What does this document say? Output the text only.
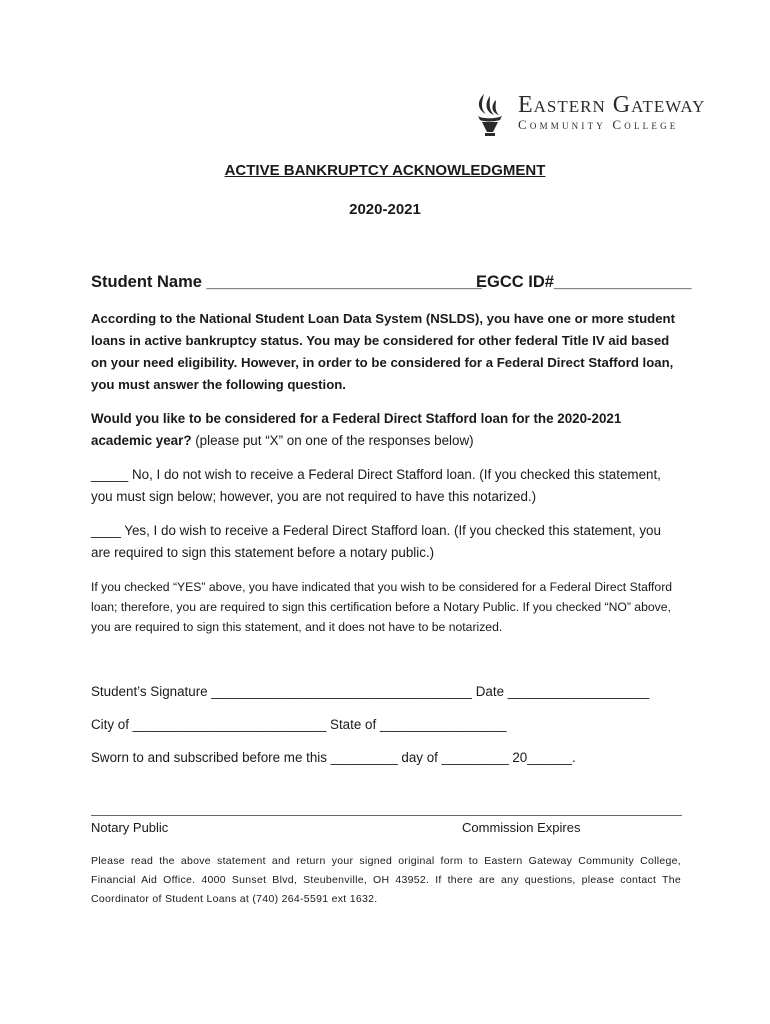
Eastern Gateway
Community College
ACTIVE BANKRUPTCY ACKNOWLEDGMENT
2020-2021
Student Name ______________________________
EGCC ID#_______________

According to the National Student Loan Data System (NSLDS), you have one or more student loans in active bankruptcy status. You may be considered for other federal Title IV aid based on your need eligibility. However, in order to be considered for a Federal Direct Stafford loan, you must answer the following question.

Would you like to be considered for a Federal Direct Stafford loan for the 2020-2021 academic year? (please put “X” on one of the responses below)

_____ No, I do not wish to receive a Federal Direct Stafford loan. (If you checked this statement, you must sign below; however, you are not required to have this notarized.)

____ Yes, I do wish to receive a Federal Direct Stafford loan. (If you checked this statement, you are required to sign this statement before a notary public.)

If you checked “YES” above, you have indicated that you wish to be considered for a Federal Direct Stafford loan; therefore, you are required to sign this certification before a Notary Public. If you checked “NO” above, you are required to sign this statement, and it does not have to be notarized.

Student’s Signature ___________________________________ Date ___________________
City of __________________________ State of _________________
Sworn to and subscribed before me this _________ day of _________ 20______.
Notary Public	Commission Expires

Please read the above statement and return your signed original form to Eastern Gateway Community College, Financial Aid Office. 4000 Sunset Blvd, Steubenville, OH 43952. If there are any questions, please contact The Coordinator of Student Loans at (740) 264-5591 ext 1632.
